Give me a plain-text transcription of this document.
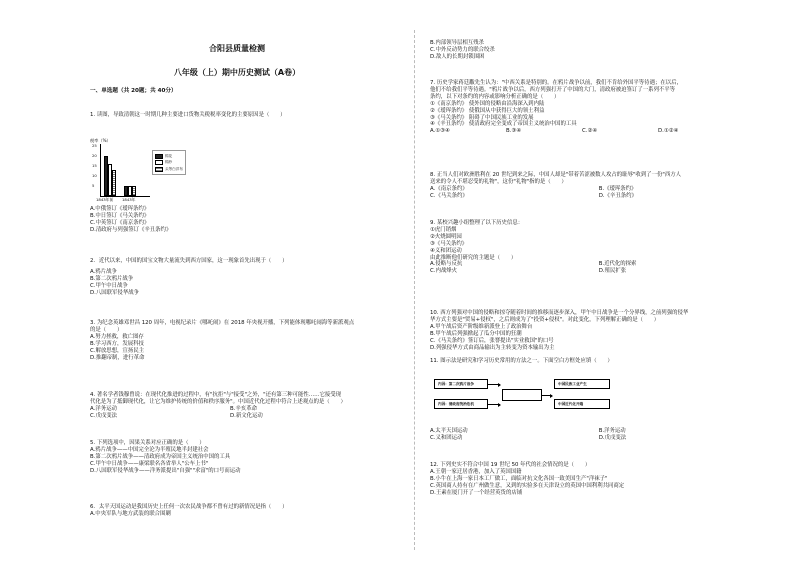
合阳县质量检测
八年级（上）期中历史测试（A卷）
一、单选题（共 20题；共 40分）
1. 读图，导致清朝这一时期几种主要进口货物关税税率变化的主要原因是（　　）
税率（%）
25
20
15
10
5
1843年前 1843年
棉花
棉纱
头等白洋布
A.中俄签订《瑷珲条约》
B.中日签订《马关条约》
C.中英签订《南京条约》
D.清政府与列强签订《辛丑条约》
2．近代以来，中国的国宝文物大量流失到西方国家，这一现象首先出现于（　　）
A.鸦片战争
B.第二次鸦片战争
C.甲午中日战争
D.八国联军侵华战争
3. 为纪念英雄邓世昌 120 周年，电视纪录片《哪吒闹》在 2018 年央视开播，下列能体现哪吒闹海等新派观点
的是（　　）
A.努力拯救，救亡图存
B.学习西方，发展科技
C.解放思想，宣扬民主
D.推翻帝制，进行革命
4. 著名学者钱穆曾说：在现代化推进的过程中，有"抗拒"与"接受"之外，"还有第三种可能性……它接受现
代化是为了抵御现代化，让它为维护传统的价值和秩序服务"。中国近代化过程中符合上述观点的是（　　）
A.洋务运动	B.辛亥革命
C.戊戌变法	D.新文化运动
5. 下列选项中，因果关系对应正确的是（　　）
A.鸦片战争——中国完全沦为半殖民地半封建社会
B.第二次鸦片战争——清政府成为帝国主义统治中国的工具
C.甲午中日战争——康梁联名各省举人"公车上书"
D.八国联军侵华战争——洋务派提出"自强""求富"的口号而运动
6．太平天国运动是我国历史上任何一次农民战争都不曾有过的新情况是指（　　）
A.中央军队与地方武装的联合围剿
B.内部领导层相互残杀
C.中外反动势力的联合绞杀
D.敌人的长期封锁围困
7. 历史学家蒋廷黻先生认为："中西关系是特别的。在鸦片战争以前，我们不肯给外国平等待遇；在以后，
他们不给我们平等待遇。"鸦片战争以后，西方列强打开了中国的大门，清政府被迫签订了一系列不平等
条约，以下对条约的内容或影响分析正确的是（　　）
①《南京条约》 使外国的侵略由沿海深入到内陆
②《瑷珲条约》 使俄国从中获得巨大的领土利益
③《马关条约》 阻碍了中国民族工业的发展
④《辛丑条约》 使清政府完全变成了帝国主义统治中国的工具
A.①③④	B.③④	C.②④	D.①②④
8. 正当人们对欧洲胜利在 20 世纪到来之际，中国人却是"带着苦涩被数人攻占的耻辱"收到了一份"西方人
送来的令人不堪忍受的礼物"，这份"礼物"指的是（　　）
A.《南京条约》	B.《瑷珲条约》
C.《马关条约》	D.《辛丑条约》
9. 某校兴趣小组整理了以下历史信息：
①虎门销烟
②火烧圆明园
③《马关条约》
④义和团运动
由此推断他们研究的主题是（　　）
A.侵略与反抗	B.近代化的探索
C.内战烽火	D.殖民扩张
10. 西方列强对中国的侵略和掠夺随着时间的推移而逐步深入，甲午中日战争是一个分界线，之前列强的侵华
华方式主要是"贸易+侵权"，之后则成为了"投资+侵权"。对此变化，下列理解正确的是（　　）
A.甲午战后资产阶级维新派登上了政治舞台
B.甲午战后列强掀起了瓜分中国的狂潮
C.《马关条约》签订后，张謇提出"实业救国"的口号
D.列强侵华方式由商品输出为主转变为资本输出为主
11. 图示法是研究和学习历史常用的方法之一。下面空白方框处应填（　　）
内因：第二次鸦片战争
内因：清政府统治危机
中国民族工业产生
中国近代化开端
A.太平天国运动	B.洋务运动
C.义和团运动	D.戊戌变法
12. 下列史实不符合中国 19 世纪 50 年代的社会情况的是（　　）
A.王朝一家迁居香港，加入了英国国籍
B.小牛在上海一家日本工厂做工，面临对抗文化各国一致美国生产"洋袜子"
C.英国商人持有在广州做生意，又到的实验多在天津设立的英国中国利利共同商定
D.王素在厦门开了一个经营英货的店铺
